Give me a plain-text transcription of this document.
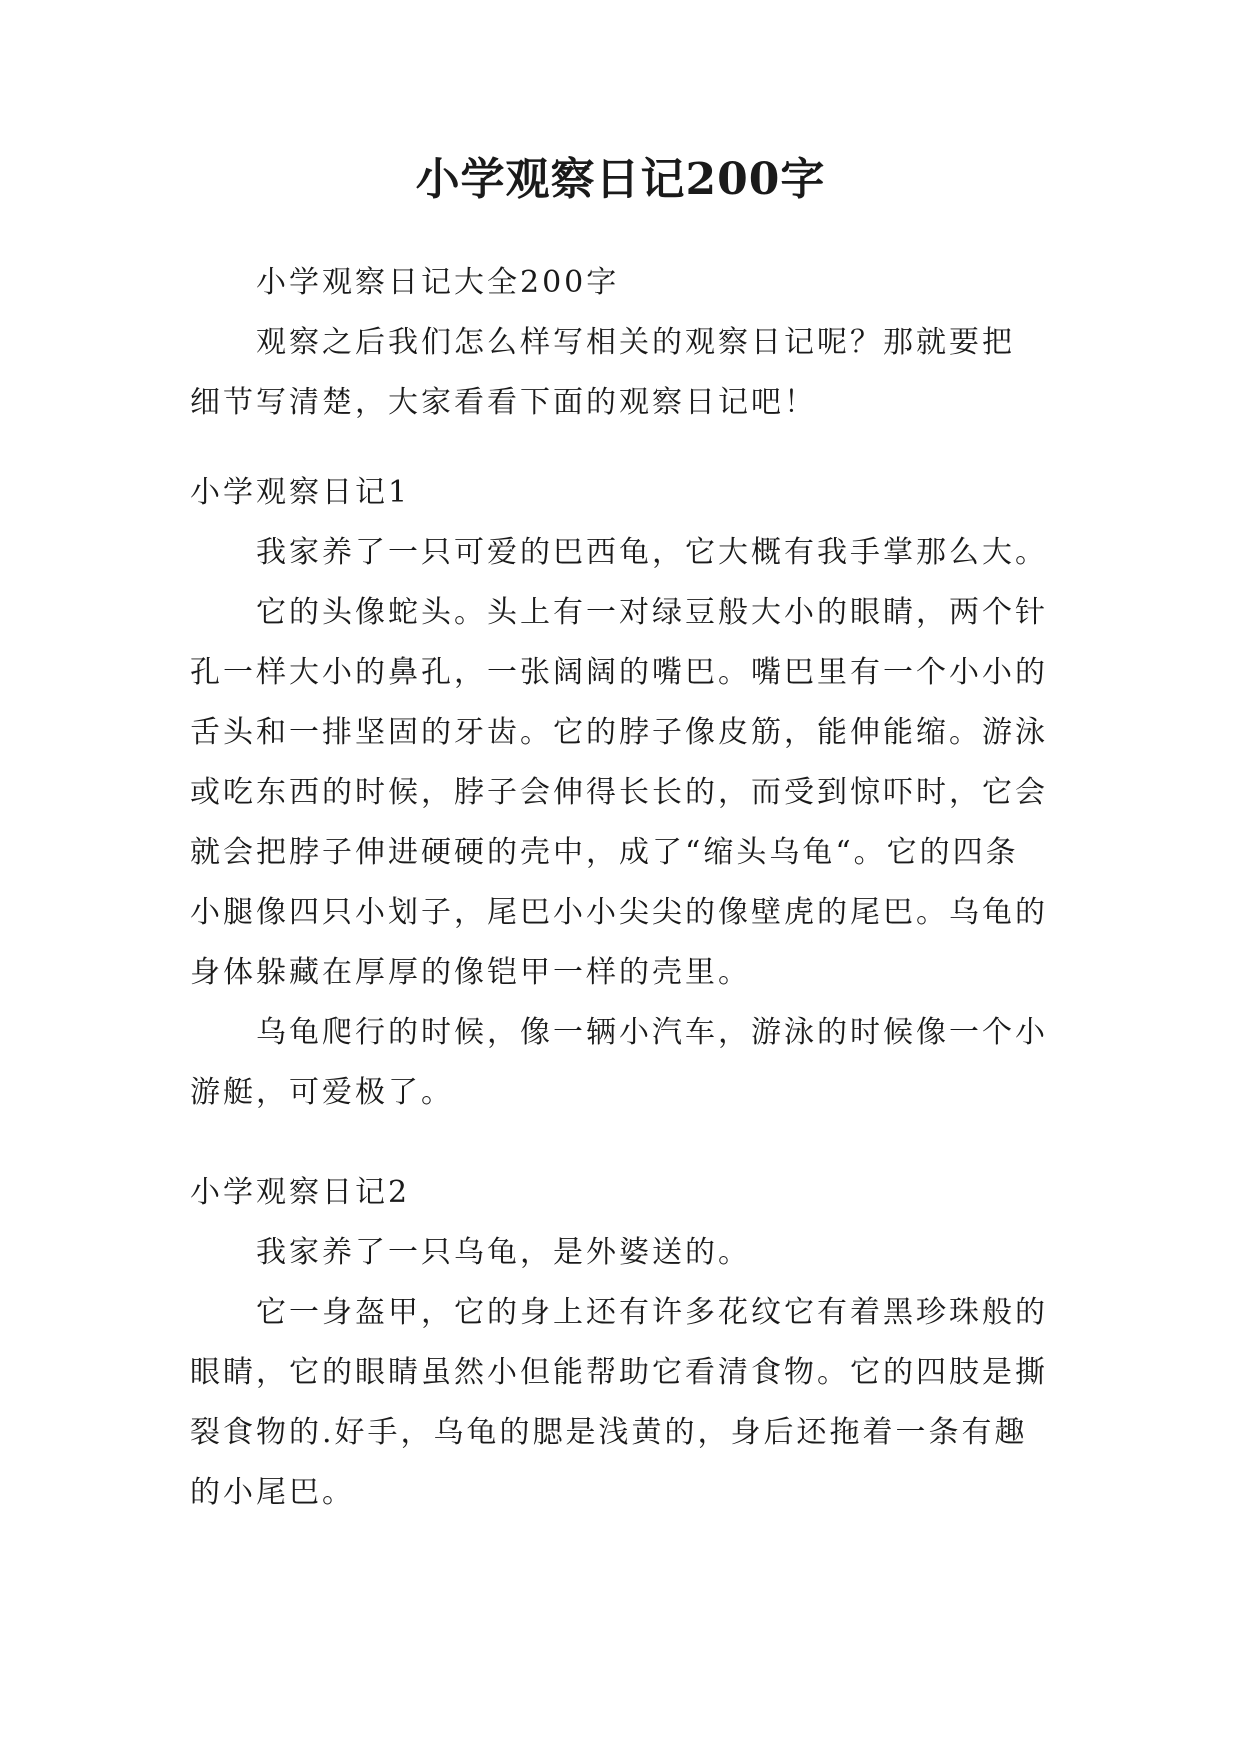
小学观察日记200字
小学观察日记大全200字
观察之后我们怎么样写相关的观察日记呢？那就要把
细节写清楚，大家看看下面的观察日记吧！
小学观察日记1
我家养了一只可爱的巴西龟，它大概有我手掌那么大。
它的头像蛇头。头上有一对绿豆般大小的眼睛，两个针
孔一样大小的鼻孔，一张阔阔的嘴巴。嘴巴里有一个小小的
舌头和一排坚固的牙齿。它的脖子像皮筋，能伸能缩。游泳
或吃东西的时候，脖子会伸得长长的，而受到惊吓时，它会
就会把脖子伸进硬硬的壳中，成了“缩头乌龟“。它的四条
小腿像四只小划子，尾巴小小尖尖的像壁虎的尾巴。乌龟的
身体躲藏在厚厚的像铠甲一样的壳里。
乌龟爬行的时候，像一辆小汽车，游泳的时候像一个小
游艇，可爱极了。
小学观察日记2
我家养了一只乌龟，是外婆送的。
它一身盔甲，它的身上还有许多花纹它有着黑珍珠般的
眼睛，它的眼睛虽然小但能帮助它看清食物。它的四肢是撕
裂食物的.好手，乌龟的腮是浅黄的，身后还拖着一条有趣
的小尾巴。
